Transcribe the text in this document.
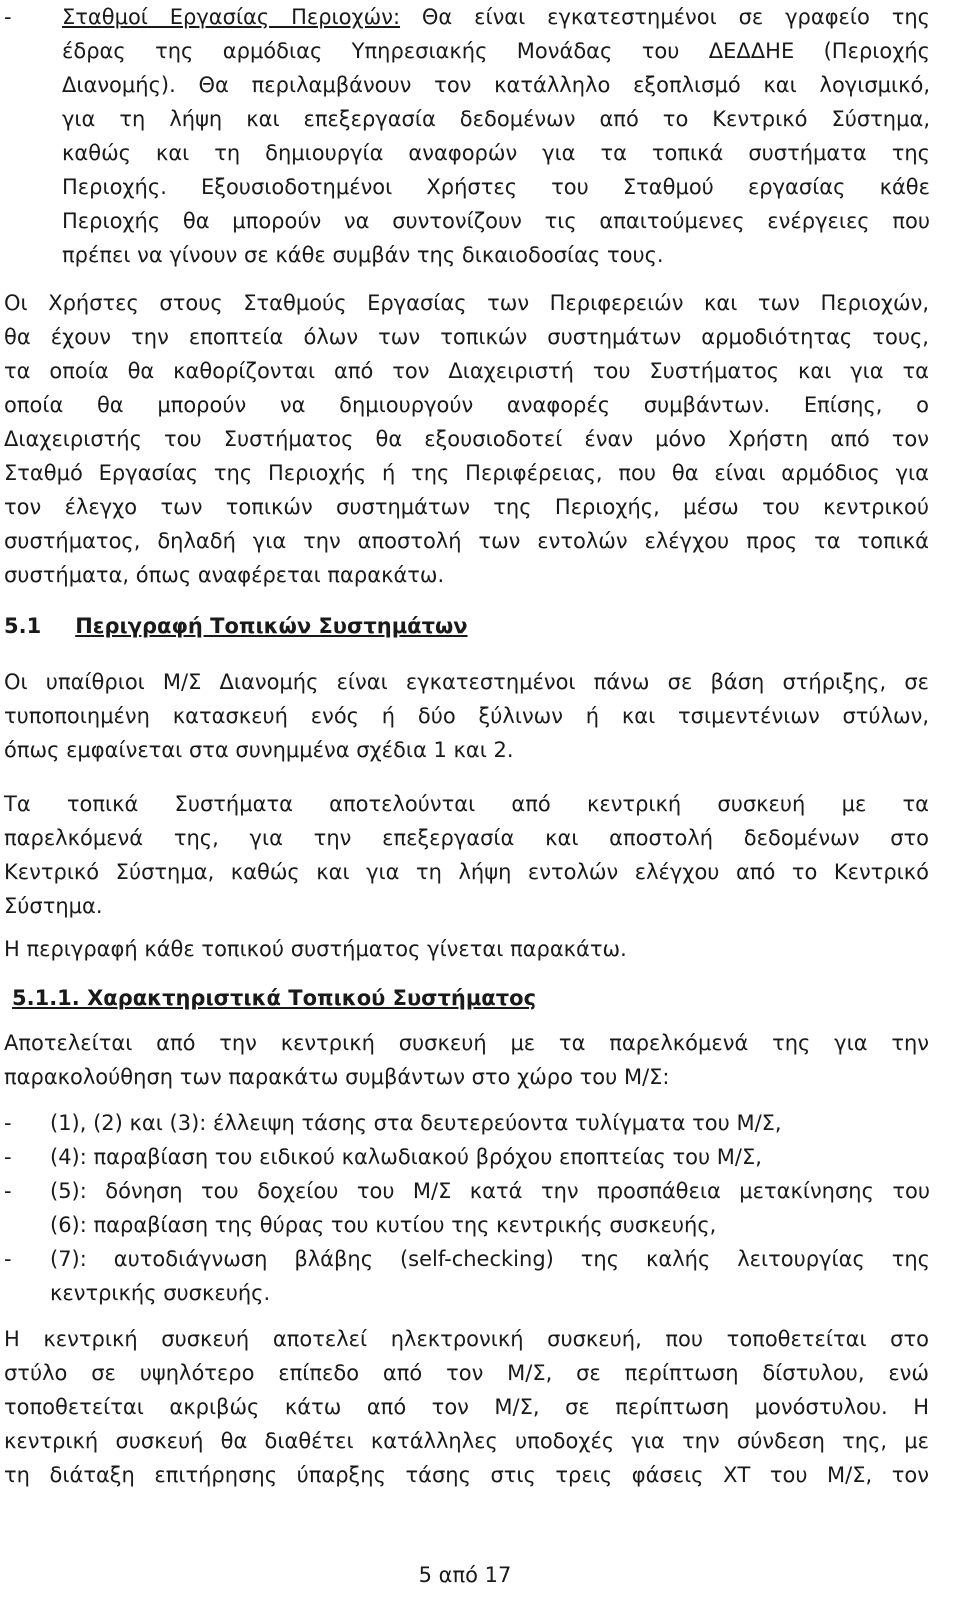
-	Σταθμοί Εργασίας Περιοχών: Θα είναι εγκατεστημένοι σε γραφείο της
έδρας της αρμόδιας Υπηρεσιακής Μονάδας του ΔΕΔΔΗΕ (Περιοχής
Διανομής). Θα περιλαμβάνουν τον κατάλληλο εξοπλισμό και λογισμικό,
για τη λήψη και επεξεργασία δεδομένων από το Κεντρικό Σύστημα,
καθώς και τη δημιουργία αναφορών για τα τοπικά συστήματα της
Περιοχής. Εξουσιοδοτημένοι Χρήστες του Σταθμού εργασίας κάθε
Περιοχής θα μπορούν να συντονίζουν τις απαιτούμενες ενέργειες που
πρέπει να γίνουν σε κάθε συμβάν της δικαιοδοσίας τους.
Οι Χρήστες στους Σταθμούς Εργασίας των Περιφερειών και των Περιοχών,
θα έχουν την εποπτεία όλων των τοπικών συστημάτων αρμοδιότητας τους,
τα οποία θα καθορίζονται από τον Διαχειριστή του Συστήματος και για τα
οποία θα μπορούν να δημιουργούν αναφορές συμβάντων. Επίσης, ο
Διαχειριστής του Συστήματος θα εξουσιοδοτεί έναν μόνο Χρήστη από τον
Σταθμό Εργασίας της Περιοχής ή της Περιφέρειας, που θα είναι αρμόδιος για
τον έλεγχο των τοπικών συστημάτων της Περιοχής, μέσω του κεντρικού
συστήματος, δηλαδή για την αποστολή των εντολών ελέγχου προς τα τοπικά
συστήματα, όπως αναφέρεται παρακάτω.
5.1 Περιγραφή Τοπικών Συστημάτων
Οι υπαίθριοι Μ/Σ Διανομής είναι εγκατεστημένοι πάνω σε βάση στήριξης, σε
τυποποιημένη κατασκευή ενός ή δύο ξύλινων ή και τσιμεντένιων στύλων,
όπως εμφαίνεται στα συνημμένα σχέδια 1 και 2.
Τα τοπικά Συστήματα αποτελούνται από κεντρική συσκευή με τα
παρελκόμενά της, για την επεξεργασία και αποστολή δεδομένων στο
Κεντρικό Σύστημα, καθώς και για τη λήψη εντολών ελέγχου από το Κεντρικό
Σύστημα.
Η περιγραφή κάθε τοπικού συστήματος γίνεται παρακάτω.
5.1.1. Χαρακτηριστικά Τοπικού Συστήματος
Αποτελείται από την κεντρική συσκευή με τα παρελκόμενά της για την
παρακολούθηση των παρακάτω συμβάντων στο χώρο του Μ/Σ:
-	(1), (2) και (3): έλλειψη τάσης στα δευτερεύοντα τυλίγματα του Μ/Σ,
-	(4): παραβίαση του ειδικού καλωδιακού βρόχου εποπτείας του Μ/Σ,
-	(5): δόνηση του δοχείου του Μ/Σ κατά την προσπάθεια μετακίνησης του
(6): παραβίαση της θύρας του κυτίου της κεντρικής συσκευής,
-	(7): αυτοδιάγνωση βλάβης (self-checking) της καλής λειτουργίας της
κεντρικής συσκευής.
Η κεντρική συσκευή αποτελεί ηλεκτρονική συσκευή, που τοποθετείται στο
στύλο σε υψηλότερο επίπεδο από τον Μ/Σ, σε περίπτωση δίστυλου, ενώ
τοποθετείται ακριβώς κάτω από τον Μ/Σ, σε περίπτωση μονόστυλου. Η
κεντρική συσκευή θα διαθέτει κατάλληλες υποδοχές για την σύνδεση της, με
τη διάταξη επιτήρησης ύπαρξης τάσης στις τρεις φάσεις ΧΤ του Μ/Σ, τον
5 από 17
